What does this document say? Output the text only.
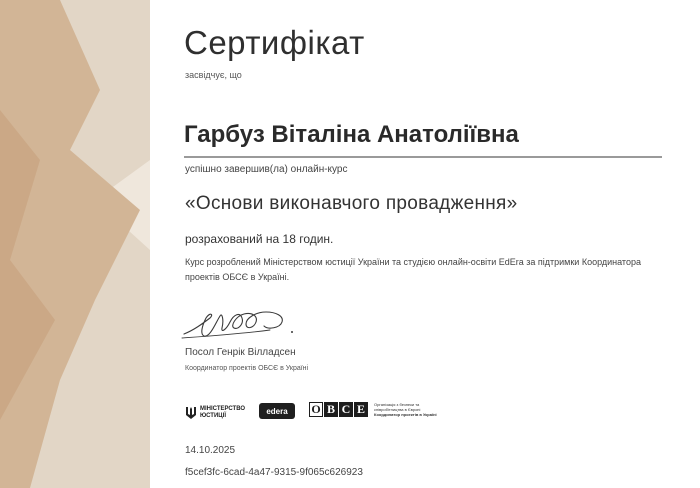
Сертифікат
засвідчує, що
Гарбуз Віталіна Анатоліївна
успішно завершив(ла) онлайн-курс
«Основи виконавчого провадження»
розрахований на 18 годин.
Курс розроблений Міністерством юстиції України та студією онлайн-освіти EdEra за підтримки Координатора проектів ОБСЄ в Україні.
Посол Генрік Вілладсен
Координатор проектів ОБСЄ в Україні
МІНІСТЕРСТВО
ЮСТИЦІЇ
edera	O B C E	Організація з безпеки та
співробітництва в Європі
Координатор проектів в Україні
14.10.2025
f5cef3fc-6cad-4a47-9315-9f065c626923
